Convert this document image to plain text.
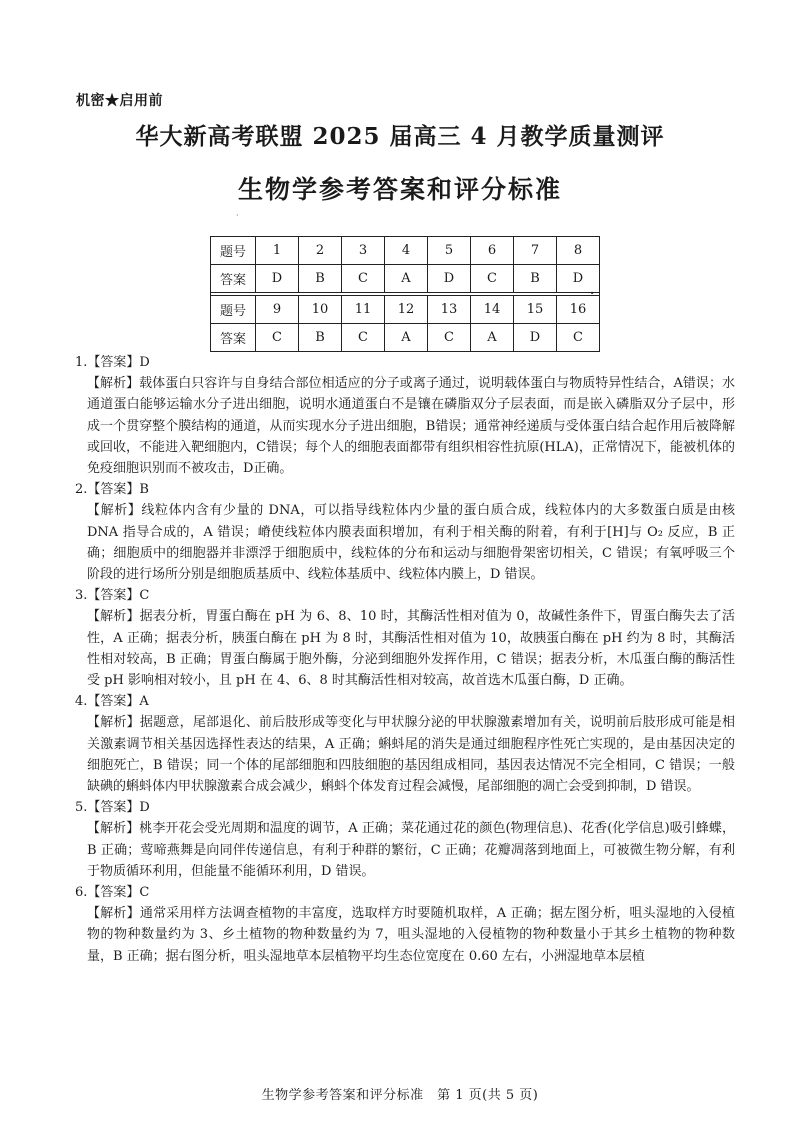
机密★启用前
华大新高考联盟 2025 届高三 4 月教学质量测评
生物学参考答案和评分标准
·
题号	1	2	3	4	5	6	7	8
答案	D	B	C	A	D	C	B	D

题号	9	10	11	12	13	14	15	16
答案	C	B	C	A	C	A	D	C
.
1.【答案】D
【解析】载体蛋白只容许与自身结合部位相适应的分子或离子通过，说明载体蛋白与物质特异性结合，A错误；水通道蛋白能够运输水分子进出细胞，说明水通道蛋白不是镶在磷脂双分子层表面，而是嵌入磷脂双分子层中，形成一个贯穿整个膜结构的通道，从而实现水分子进出细胞，B错误；通常神经递质与受体蛋白结合起作用后被降解或回收，不能进入靶细胞内，C错误；每个人的细胞表面都带有组织相容性抗原(HLA)，正常情况下，能被机体的免疫细胞识别而不被攻击，D正确。
2.【答案】B
【解析】线粒体内含有少量的 DNA，可以指导线粒体内少量的蛋白质合成，线粒体内的大多数蛋白质是由核 DNA 指导合成的，A 错误；嵴使线粒体内膜表面积增加，有利于相关酶的附着，有利于[H]与 O₂ 反应，B 正确；细胞质中的细胞器并非漂浮于细胞质中，线粒体的分布和运动与细胞骨架密切相关，C 错误；有氧呼吸三个阶段的进行场所分别是细胞质基质中、线粒体基质中、线粒体内膜上，D 错误。
3.【答案】C
【解析】据表分析，胃蛋白酶在 pH 为 6、8、10 时，其酶活性相对值为 0，故碱性条件下，胃蛋白酶失去了活性，A 正确；据表分析，胰蛋白酶在 pH 为 8 时，其酶活性相对值为 10，故胰蛋白酶在 pH 约为 8 时，其酶活性相对较高，B 正确；胃蛋白酶属于胞外酶，分泌到细胞外发挥作用，C 错误；据表分析，木瓜蛋白酶的酶活性受 pH 影响相对较小，且 pH 在 4、6、8 时其酶活性相对较高，故首选木瓜蛋白酶，D 正确。
4.【答案】A
【解析】据题意，尾部退化、前后肢形成等变化与甲状腺分泌的甲状腺激素增加有关，说明前后肢形成可能是相关激素调节相关基因选择性表达的结果，A 正确；蝌蚪尾的消失是通过细胞程序性死亡实现的，是由基因决定的细胞死亡，B 错误；同一个体的尾部细胞和四肢细胞的基因组成相同，基因表达情况不完全相同，C 错误；一般缺碘的蝌蚪体内甲状腺激素合成会减少，蝌蚪个体发育过程会减慢，尾部细胞的凋亡会受到抑制，D 错误。
5.【答案】D
【解析】桃李开花会受光周期和温度的调节，A 正确；菜花通过花的颜色(物理信息)、花香(化学信息)吸引蜂蝶，B 正确；莺啼燕舞是向同伴传递信息，有利于种群的繁衍，C 正确；花瓣凋落到地面上，可被微生物分解，有利于物质循环利用，但能量不能循环利用，D 错误。
6.【答案】C
【解析】通常采用样方法调查植物的丰富度，选取样方时要随机取样，A 正确；据左图分析，咀头湿地的入侵植物的物种数量约为 3、乡土植物的物种数量约为 7，咀头湿地的入侵植物的物种数量小于其乡土植物的物种数量，B 正确；据右图分析，咀头湿地草本层植物平均生态位宽度在 0.60 左右，小洲湿地草本层植
生物学参考答案和评分标准　第 1 页(共 5 页)
